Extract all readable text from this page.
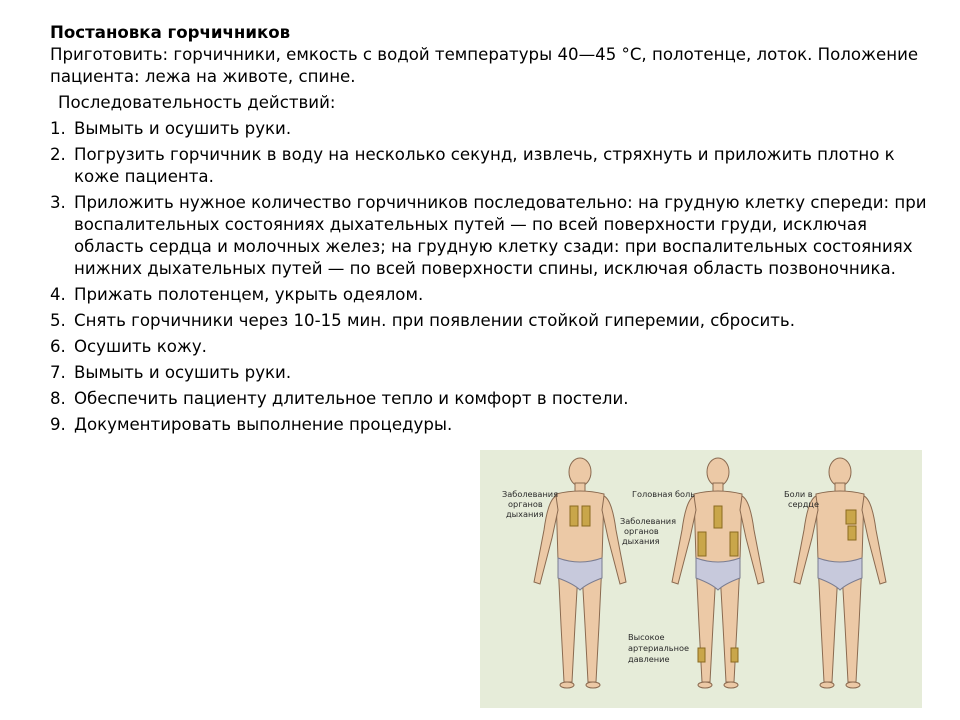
Постановка горчичников

Приготовить: горчичники, емкость с водой температуры 40—45 °С, полотенце, лоток. Положение пациента: лежа на животе, спине.

Последовательность действий:

1. Вымыть и осушить руки.
2. Погрузить горчичник в воду на несколько секунд, извлечь, стряхнуть и приложить плотно к коже пациента.
3. Приложить нужное количество горчичников последовательно: на грудную клетку спереди: при воспалительных состояниях дыхательных путей — по всей поверхности груди, исключая область сердца и молочных желез; на грудную клетку сзади: при воспалительных состояниях нижних дыхательных путей — по всей поверхности спины, исключая область позвоночника.
4. Прижать полотенцем, укрыть одеялом.
5. Снять горчичники через 10-15 мин. при появлении стойкой гиперемии, сбросить.
6. Осушить кожу.
7. Вымыть и осушить руки.
8. Обеспечить пациенту длительное тепло и комфорт в постели.
9. Документировать выполнение процедуры.
Заболевания
органов
дыхания
Головная боль	Боли в
сердце
Заболевания
органов
дыхания
Высокое
артериальное
давление
